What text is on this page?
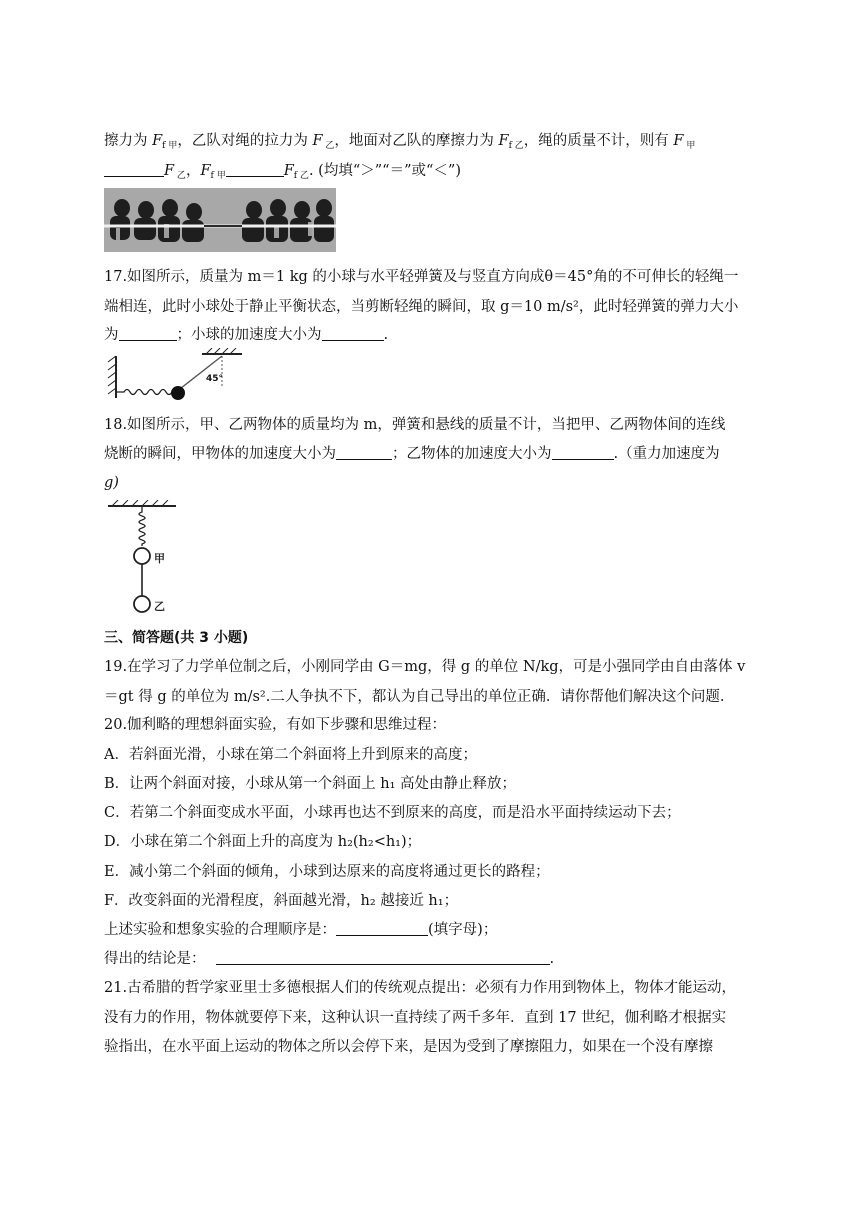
擦力为 $F_{f 甲}$，乙队对绳的拉力为 F $_乙$，地面对乙队的摩擦力为 $F_{f 乙}$，绳的质量不计，则有 F $_甲$
F $_乙$，$F_{f 甲}$	$F_{f 乙}$. (均填“＞”“＝”或“＜”)
17.如图所示，质量为 m＝1 kg 的小球与水平轻弹簧及与竖直方向成θ＝45°角的不可伸长的轻绳一
端相连，此时小球处于静止平衡状态，当剪断轻绳的瞬间，取 g＝10 m/s²，此时轻弹簧的弹力大小
为	；小球的加速度大小为	.
45°
18.如图所示，甲、乙两物体的质量均为 m，弹簧和悬线的质量不计，当把甲、乙两物体间的连线
烧断的瞬间，甲物体的加速度大小为	；乙物体的加速度大小为	.（重力加速度为
g)
甲
乙
三、简答题(共 3 小题)
19.在学习了力学单位制之后，小刚同学由 G＝mg，得 g 的单位 N/kg，可是小强同学由自由落体 v
＝gt 得 g 的单位为 m/s².二人争执不下，都认为自己导出的单位正确．请你帮他们解决这个问题.
20.伽利略的理想斜面实验，有如下步骤和思维过程：
A．若斜面光滑，小球在第二个斜面将上升到原来的高度；
B．让两个斜面对接，小球从第一个斜面上 h₁ 高处由静止释放；
C．若第二个斜面变成水平面，小球再也达不到原来的高度，而是沿水平面持续运动下去；
D．小球在第二个斜面上升的高度为 h₂(h₂<h₁)；
E．减小第二个斜面的倾角，小球到达原来的高度将通过更长的路程；
F．改变斜面的光滑程度，斜面越光滑，h₂ 越接近 h₁；
上述实验和想象实验的合理顺序是：	(填字母)；
得出的结论是：	.
21.古希腊的哲学家亚里士多德根据人们的传统观点提出：必须有力作用到物体上，物体才能运动，
没有力的作用，物体就要停下来，这种认识一直持续了两千多年．直到 17 世纪，伽利略才根据实
验指出，在水平面上运动的物体之所以会停下来，是因为受到了摩擦阻力，如果在一个没有摩擦
